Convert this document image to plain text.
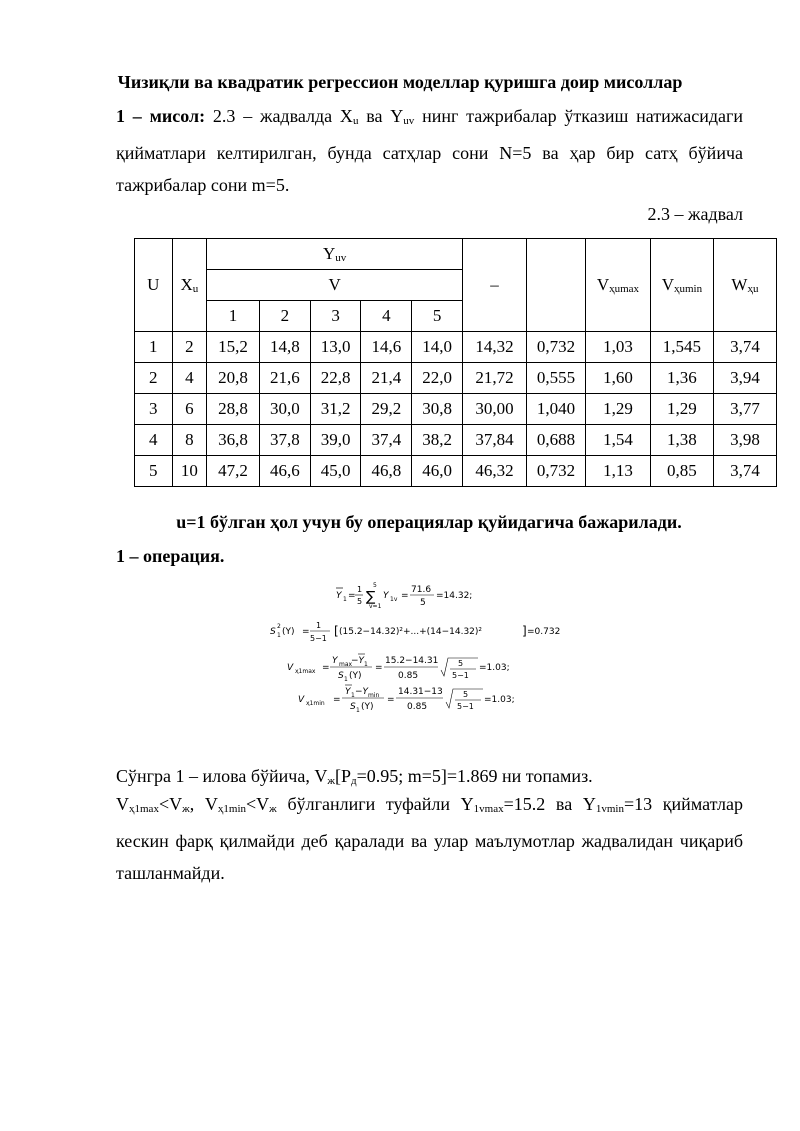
Чизиқли ва квадратик регрессион моделлар қуришга доир мисоллар

1 – мисол: 2.3 – жадвалда $X_u$ ва $Y_{uv}$ нинг тажрибалар ўтказиш натижасидаги қийматлари келтирилган, бунда сатҳлар сони N=5 ва ҳар бир сатҳ бўйича тажрибалар сони m=5.

2.3 – жадвал
U	$X_u$	$Y_{uv}$					–		$V_{ҳumax}$	$V_{ҳumin}$	$W_{ҳu}$
		V									
		1	2	3	4	5					
1	2	15,2	14,8	13,0	14,6	14,0	14,32	0,732	1,03	1,545	3,74
2	4	20,8	21,6	22,8	21,4	22,0	21,72	0,555	1,60	1,36	3,94
3	6	28,8	30,0	31,2	29,2	30,8	30,00	1,040	1,29	1,29	3,77
4	8	36,8	37,8	39,0	37,4	38,2	37,84	0,688	1,54	1,38	3,98
5	10	47,2	46,6	45,0	46,8	46,0	46,32	0,732	1,13	0,85	3,74
u=1 бўлган ҳол учун бу операциялар қуйидагича бажарилади.
1 – операция.
Y 1 =
1
5
5
∑
v=1
Y 1v =
71.6
5
=14.32;
S
2
1 (Y) =
1
5−1
[ (15.2−14.32)²+...+(14−14.32)²	] =0.732
V ҳ1max =
Y max
−Y 1
S 1 (Y)
=
15.2−14.31
0.85
5
5−1
=1.03;
V ҳ1min =
Y 1 −Y min
S 1 (Y)
=
14.31−13
0.85
5
5−1
=1.03;

Сўнгра 1 – илова бўйича, $V_ж[P_д=0.95$; m=5]=1.869 ни топамиз.

$V_{ҳ1max}<V_ж$, $V_{ҳ1min}<V_ж$ бўлганлиги туфайли $Y_{1vmax}=15.2$ ва $Y_{1vmin}=13$ қийматлар кескин фарқ қилмайди деб қаралади ва улар маълумотлар жадвалидан чиқариб ташланмайди.
